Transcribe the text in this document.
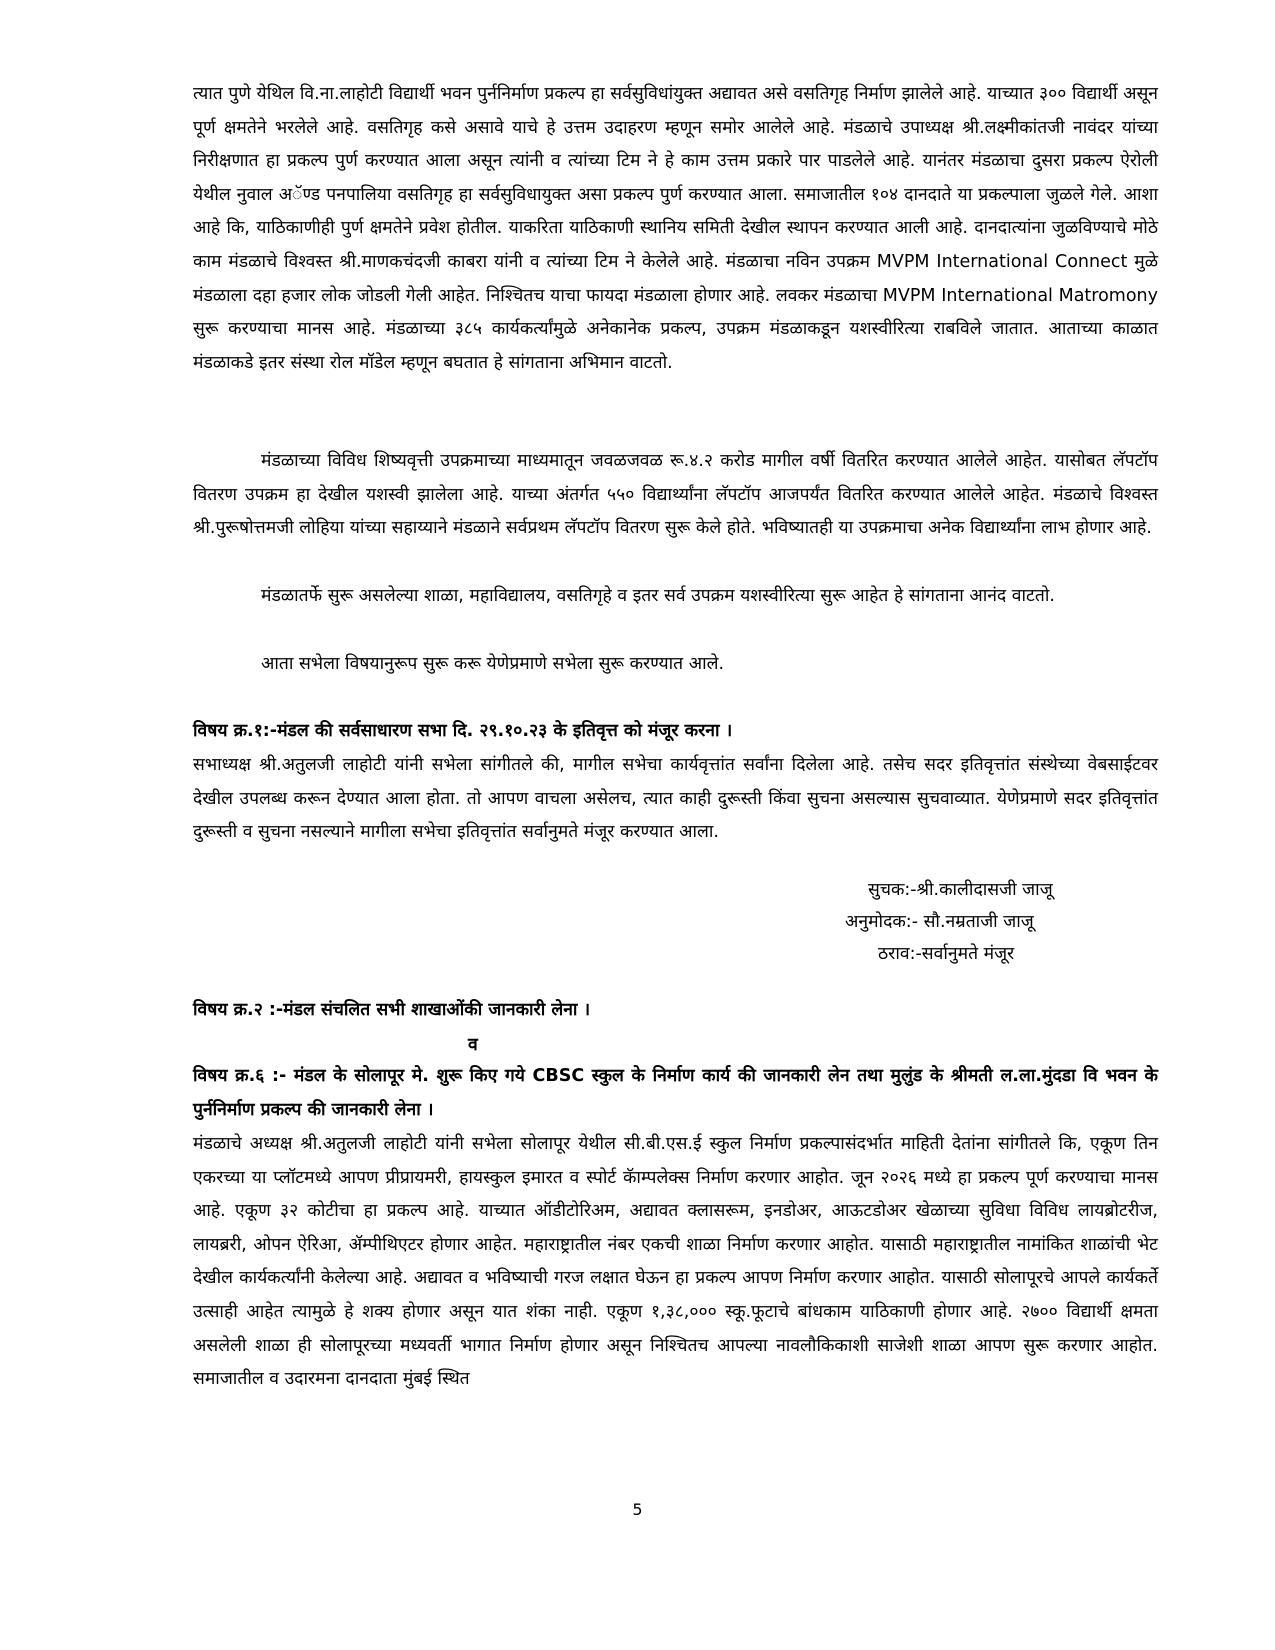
त्यात पुणे येथिल वि.ना.लाहोटी विद्यार्थी भवन पुर्ननिर्माण प्रकल्प हा सर्वसुविधांयुक्त अद्यावत असे वसतिगृह निर्माण झालेले आहे. याच्यात ३०० विद्यार्थी असून पूर्ण क्षमतेने भरलेले आहे. वसतिगृह कसे असावे याचे हे उत्तम उदाहरण म्हणून समोर आलेले आहे. मंडळाचे उपाध्यक्ष श्री.लक्ष्मीकांतजी नावंदर यांच्या निरीक्षणात हा प्रकल्प पुर्ण करण्यात आला असून त्यांनी व त्यांच्या टिम ने हे काम उत्तम प्रकारे पार पाडलेले आहे. यानंतर मंडळाचा दुसरा प्रकल्प ऐरोली येथील नुवाल अॅण्ड पनपालिया वसतिगृह हा सर्वसुविधायुक्त असा प्रकल्प पुर्ण करण्यात आला. समाजातील १०४ दानदाते या प्रकल्पाला जुळले गेले. आशा आहे कि, याठिकाणीही पुर्ण क्षमतेने प्रवेश होतील. याकरिता याठिकाणी स्थानिय समिती देखील स्थापन करण्यात आली आहे. दानदात्यांना जुळविण्याचे मोठे काम मंडळाचे विश्वस्त श्री.माणकचंदजी काबरा यांनी व त्यांच्या टिम ने केलेले आहे. मंडळाचा नविन उपक्रम MVPM International Connect मुळे मंडळाला दहा हजार लोक जोडली गेली आहेत. निश्चितच याचा फायदा मंडळाला होणार आहे. लवकर मंडळाचा MVPM International Matromony सुरू करण्याचा मानस आहे. मंडळाच्या ३८५ कार्यकर्त्यांमुळे अनेकानेक प्रकल्प, उपक्रम मंडळाकडून यशस्वीरित्या राबविले जातात. आताच्या काळात मंडळाकडे इतर संस्था रोल मॉडेल म्हणून बघतात हे सांगताना अभिमान वाटतो.

मंडळाच्या विविध शिष्यवृत्ती उपक्रमाच्या माध्यमातून जवळजवळ रू.४.२ करोड मागील वर्षी वितरित करण्यात आलेले आहेत. यासोबत लॅपटॉप वितरण उपक्रम हा देखील यशस्वी झालेला आहे. याच्या अंतर्गत ५५० विद्यार्थ्यांना लॅपटॉप आजपर्यंत वितरित करण्यात आलेले आहेत. मंडळाचे विश्वस्त श्री.पुरूषोत्तमजी लोहिया यांच्या सहाय्याने मंडळाने सर्वप्रथम लॅपटॉप वितरण सुरू केले होते. भविष्यातही या उपक्रमाचा अनेक विद्यार्थ्यांना लाभ होणार आहे.

मंडळातर्फे सुरू असलेल्या शाळा, महाविद्यालय, वसतिगृहे व इतर सर्व उपक्रम यशस्वीरित्या सुरू आहेत हे सांगताना आनंद वाटतो.

आता सभेला विषयानुरूप सुरू करू येणेप्रमाणे सभेला सुरू करण्यात आले.

विषय क्र.१:-मंडल की सर्वसाधारण सभा दि. २९.१०.२३ के इतिवृत्त को मंजूर करना ।

सभाध्यक्ष श्री.अतुलजी लाहोटी यांनी सभेला सांगीतले की, मागील सभेचा कार्यवृत्तांत सर्वांना दिलेला आहे. तसेच सदर इतिवृत्तांत संस्थेच्या वेबसाईटवर देखील उपलब्ध करून देण्यात आला होता. तो आपण वाचला असेलच, त्यात काही दुरूस्ती किंवा सुचना असल्यास सुचवाव्यात. येणेप्रमाणे सदर इतिवृत्तांत दुरूस्ती व सुचना नसल्याने मागीला सभेचा इतिवृत्तांत सर्वानुमते मंजूर करण्यात आला.

सुचक:-श्री.कालीदासजी जाजू

अनुमोदक:- सौ.नम्रताजी जाजू

ठराव:-सर्वानुमते मंजूर

विषय क्र.२ :-मंडल संचलित सभी शाखाओंकी जानकारी लेना ।

व

विषय क्र.६ :- मंडल के सोलापूर मे. शुरू किए गये CBSC स्कुल के निर्माण कार्य की जानकारी लेन तथा मुलुंड के श्रीमती ल.ला.मुंदडा वि भवन के पुर्ननिर्माण प्रकल्प की जानकारी लेना ।

मंडळाचे अध्यक्ष श्री.अतुलजी लाहोटी यांनी सभेला सोलापूर येथील सी.बी.एस.ई स्कुल निर्माण प्रकल्पासंदर्भात माहिती देतांना सांगीतले कि, एकूण तिन एकरच्या या प्लॉटमध्ये आपण प्रीप्रायमरी, हायस्कुल इमारत व स्पोर्ट कॅाम्पलेक्स निर्माण करणार आहोत. जून २०२६ मध्ये हा प्रकल्प पूर्ण करण्याचा मानस आहे. एकूण ३२ कोटीचा हा प्रकल्प आहे. याच्यात ऑडीटोरिअम, अद्यावत क्लासरूम, इनडोअर, आऊटडोअर खेळाच्या सुविधा विविध लायब्रोटरीज, लायब्ररी, ओपन ऐरिआ, ॲम्पीथिएटर होणार आहेत. महाराष्ट्रातील नंबर एकची शाळा निर्माण करणार आहोत. यासाठी महाराष्ट्रातील नामांकित शाळांची भेट देखील कार्यकर्त्यांनी केलेल्या आहे. अद्यावत व भविष्याची गरज लक्षात घेऊन हा प्रकल्प आपण निर्माण करणार आहोत. यासाठी सोलापूरचे आपले कार्यकर्ते उत्साही आहेत त्यामुळे हे शक्य होणार असून यात शंका नाही. एकूण १,३८,००० स्कू.फूटाचे बांधकाम याठिकाणी होणार आहे. २७०० विद्यार्थी क्षमता असलेली शाळा ही सोलापूरच्या मध्यवर्ती भागात निर्माण होणार असून निश्चितच आपल्या नावलौकिकाशी साजेशी शाळा आपण सुरू करणार आहोत. समाजातील व उदारमना दानदाता मुंबई स्थित

5
